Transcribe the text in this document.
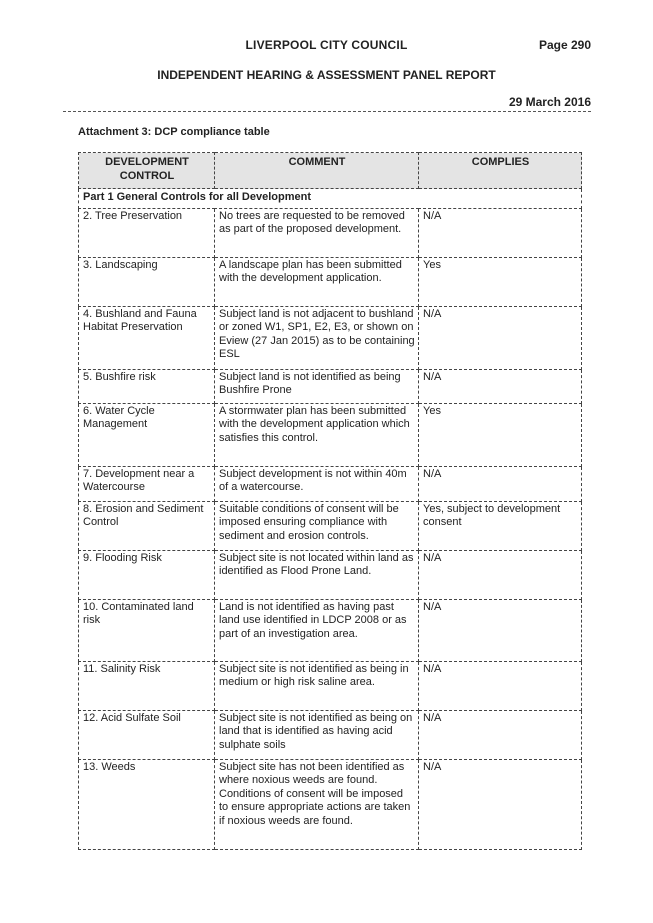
LIVERPOOL CITY COUNCIL	Page 290
INDEPENDENT HEARING & ASSESSMENT PANEL REPORT
29 March 2016
Attachment 3: DCP compliance table
DEVELOPMENT CONTROL	COMMENT	COMPLIES
Part 1 General Controls for all Development		
2. Tree Preservation	No trees are requested to be removed as part of the proposed development.	N/A
3. Landscaping	A landscape plan has been submitted with the development application.	Yes
4. Bushland and Fauna Habitat Preservation	Subject land is not adjacent to bushland or zoned W1, SP1, E2, E3, or shown on Eview (27 Jan 2015) as to be containing ESL	N/A
5. Bushfire risk	Subject land is not identified as being Bushfire Prone	N/A
6. Water Cycle Management	A stormwater plan has been submitted with the development application which satisfies this control.	Yes
7. Development near a Watercourse	Subject development is not within 40m of a watercourse.	N/A
8. Erosion and Sediment Control	Suitable conditions of consent will be imposed ensuring compliance with sediment and erosion controls.	Yes, subject to development consent
9. Flooding Risk	Subject site is not located within land as identified as Flood Prone Land.	N/A
10. Contaminated land risk	Land is not identified as having past land use identified in LDCP 2008 or as part of an investigation area.	N/A
11. Salinity Risk	Subject site is not identified as being in medium or high risk saline area.	N/A
12. Acid Sulfate Soil	Subject site is not identified as being on land that is identified as having acid sulphate soils	N/A
13. Weeds	Subject site has not been identified as where noxious weeds are found. Conditions of consent will be imposed to ensure appropriate actions are taken if noxious weeds are found.	N/A
